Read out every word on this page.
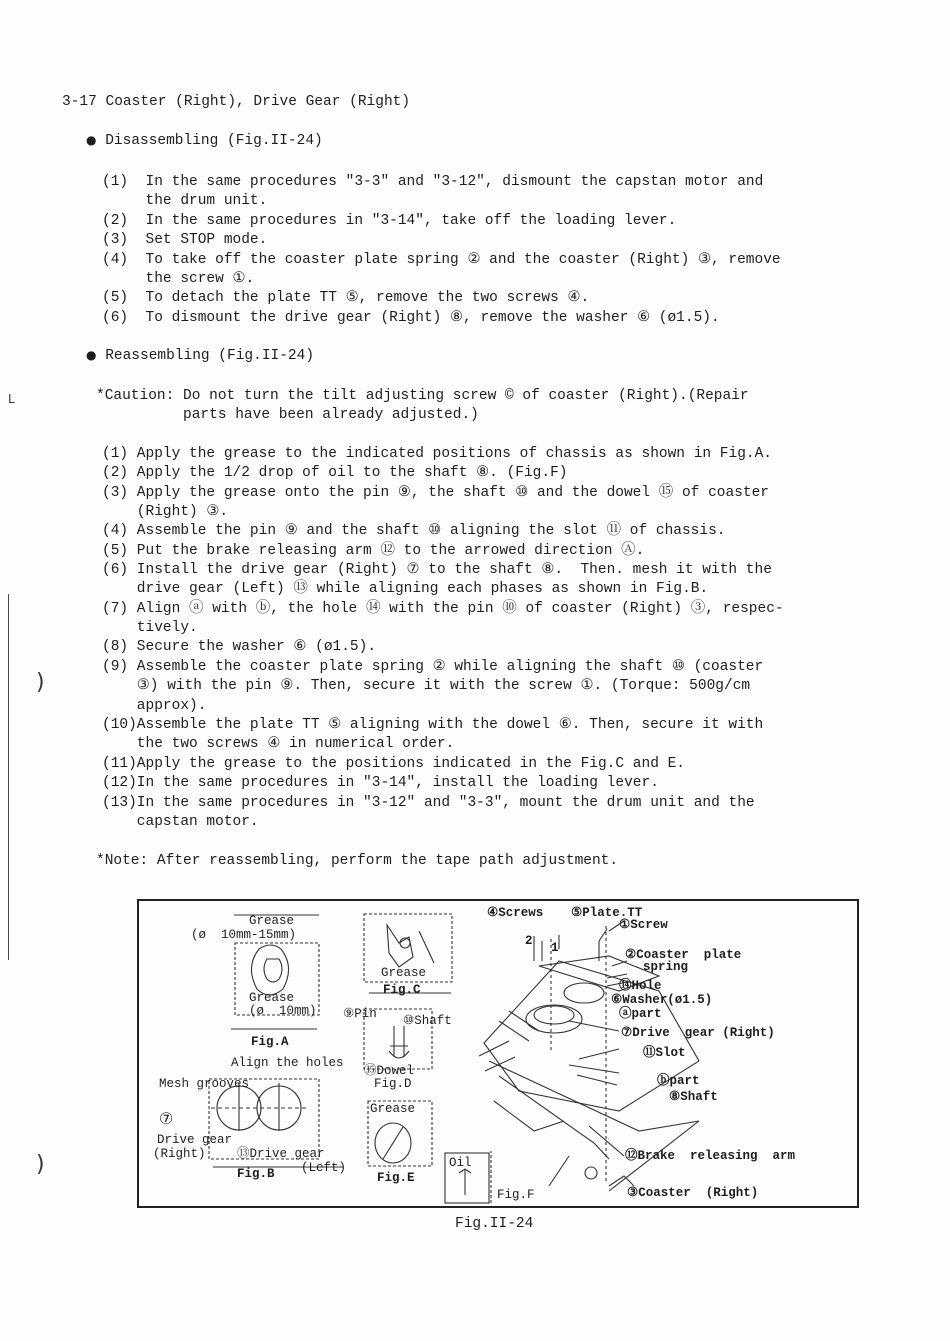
3-17 Coaster (Right), Drive Gear (Right)
● Disassembling (Fig.II-24)
(1)  In the same procedures "3-3" and "3-12", dismount the capstan motor and
the drum unit.
(2)  In the same procedures in "3-14", take off the loading lever.
(3)  Set STOP mode.
(4)  To take off the coaster plate spring ② and the coaster (Right) ③, remove
the screw ①.
(5)  To detach the plate TT ⑤, remove the two screws ④.
(6)  To dismount the drive gear (Right) ⑧, remove the washer ⑥ (ø1.5).
● Reassembling (Fig.II-24)
*Caution: Do not turn the tilt adjusting screw © of coaster (Right).(Repair
parts have been already adjusted.)
(1) Apply the grease to the indicated positions of chassis as shown in Fig.A.
(2) Apply the 1/2 drop of oil to the shaft ⑧. (Fig.F)
(3) Apply the grease onto the pin ⑨, the shaft ⑩ and the dowel ⑮ of coaster
(Right) ③.
(4) Assemble the pin ⑨ and the shaft ⑩ aligning the slot ⑪ of chassis.
(5) Put the brake releasing arm ⑫ to the arrowed direction Ⓐ.
(6) Install the drive gear (Right) ⑦ to the shaft ⑧.  Then. mesh it with the
drive gear (Left) ⑬ while aligning each phases as shown in Fig.B.
(7) Align ⓐ with ⓑ, the hole ⑭ with the pin ⑩ of coaster (Right) ③, respec-
tively.
(8) Secure the washer ⑥ (ø1.5).
(9) Assemble the coaster plate spring ② while aligning the shaft ⑩ (coaster
③) with the pin ⑨. Then, secure it with the screw ①. (Torque: 500g/cm
approx).
(10)Assemble the plate TT ⑤ aligning with the dowel ⑥. Then, secure it with
the two screws ④ in numerical order.
(11)Apply the grease to the positions indicated in the Fig.C and E.
(12)In the same procedures in "3-14", install the loading lever.
(13)In the same procedures in "3-12" and "3-3", mount the drum unit and the
capstan motor.
*Note: After reassembling, perform the tape path adjustment.
Grease
(ø  10mm-15mm)
Grease
(ø  10mm)
Fig.A
Align the holes
Mesh grooves
⑦
Drive gear
(Right)	⑬Drive gear
(Left)
Fig.B
Grease
Fig.C
⑨Pin ⑩Shaft
⑮Dowel
Fig.D
Grease
Fig.E
Oil
Fig.F
④Screws ⑤Plate.TT
①Screw
2 1	②Coaster  plate
spring
⑭Hole
⑥Washer(ø1.5)
ⓐpart
⑦Drive  gear (Right)
⑪Slot
ⓑpart
⑧Shaft
⑫Brake  releasing  arm
③Coaster  (Right)
Fig.II-24
L
)
)
